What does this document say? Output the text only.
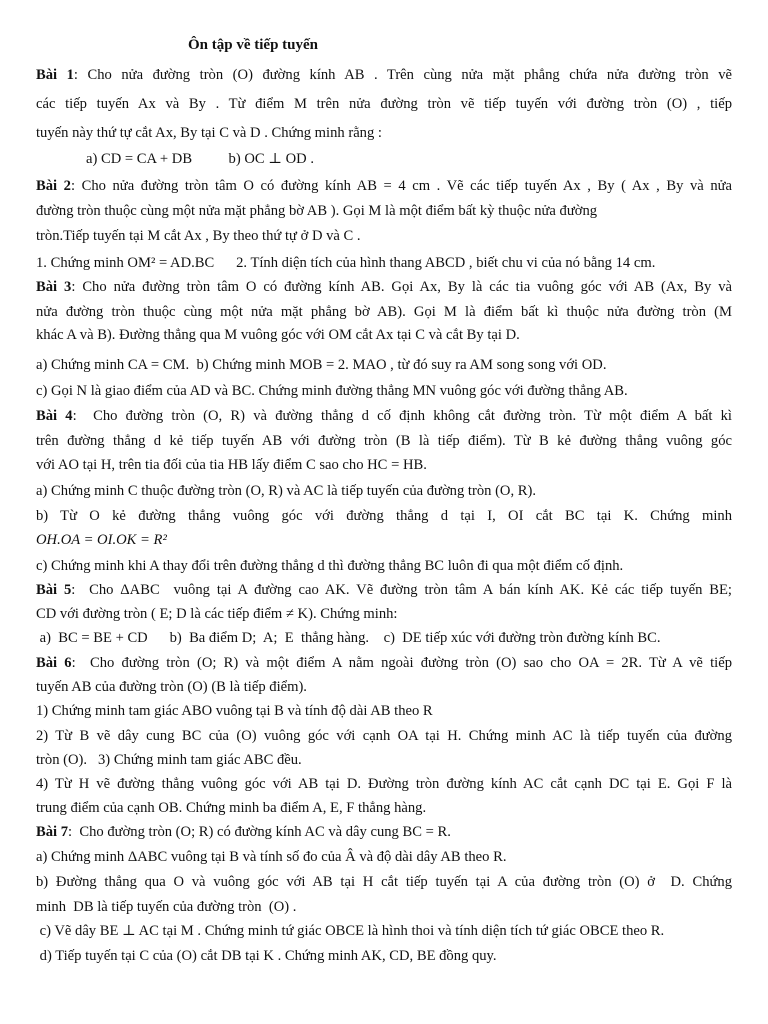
Ôn tập về tiếp tuyến
Bài 1: Cho nửa đường tròn (O) đường kính AB . Trên cùng nửa mặt phẳng chứa nửa đường tròn vẽ
các tiếp tuyến Ax và By . Từ điểm M trên nửa đường tròn vẽ tiếp tuyến với đường tròn (O) , tiếp
tuyến này thứ tự cắt Ax, By tại C và D . Chứng minh rằng :
a) CD = CA + DB          b) OC ⊥ OD .
Bài 2: Cho nửa đường tròn tâm O có đường kính AB = 4 cm . Vẽ các tiếp tuyến Ax , By ( Ax , By và nửa
đường tròn thuộc cùng một nửa mặt phẳng bờ AB ). Gọi M là một điểm bất kỳ thuộc nửa đường
tròn.Tiếp tuyến tại M cắt Ax , By theo thứ tự ở D và C .
1. Chứng minh OM² = AD.BC      2. Tính diện tích của hình thang ABCD , biết chu vi của nó bằng 14 cm.
Bài 3: Cho nửa đường tròn tâm O có đường kính AB. Gọi Ax, By là các tia vuông góc với AB (Ax, By và
nửa đường tròn thuộc cùng một nửa mặt phẳng bờ AB). Gọi M là điểm bất kì thuộc nửa đường tròn (M
khác A và B). Đường thẳng qua M vuông góc với OM cắt Ax tại C và cắt By tại D.
a) Chứng minh CA = CM.  b) Chứng minh MOB = 2. MAO , từ đó suy ra AM song song với OD.
c) Gọi N là giao điểm của AD và BC. Chứng minh đường thẳng MN vuông góc với đường thẳng AB.
Bài 4:  Cho đường tròn (O, R) và đường thẳng d cố định không cắt đường tròn. Từ một điểm A bất kì
trên đường thẳng d kẻ tiếp tuyến AB với đường tròn (B là tiếp điểm). Từ B kẻ đường thẳng vuông góc
với AO tại H, trên tia đối của tia HB lấy điểm C sao cho HC = HB.
a) Chứng minh C thuộc đường tròn (O, R) và AC là tiếp tuyến của đường tròn (O, R).
b) Từ O kẻ đường thẳng vuông góc với đường thẳng d tại I, OI cắt BC tại K. Chứng minh
OH.OA = OI.OK = R²
c) Chứng minh khi A thay đổi trên đường thẳng d thì đường thẳng BC luôn đi qua một điểm cố định.
Bài 5:  Cho ΔABC  vuông tại A đường cao AK. Vẽ đường tròn tâm A bán kính AK. Kẻ các tiếp tuyến BE;
CD với đường tròn ( E; D là các tiếp điểm ≠ K). Chứng minh:
a)  BC = BE + CD      b)  Ba điểm D;  A;  E  thẳng hàng.    c)  DE tiếp xúc với đường tròn đường kính BC.
Bài 6:  Cho đường tròn (O; R) và một điểm A nằm ngoài đường tròn (O) sao cho OA = 2R. Từ A vẽ tiếp
tuyến AB của đường tròn (O) (B là tiếp điểm).
1) Chứng minh tam giác ABO vuông tại B và tính độ dài AB theo R
2) Từ B vẽ dây cung BC của (O) vuông góc với cạnh OA tại H. Chứng minh AC là tiếp tuyến của đường
tròn (O).   3) Chứng minh tam giác ABC đều.
4) Từ H vẽ đường thẳng vuông góc với AB tại D. Đường tròn đường kính AC cắt cạnh DC tại E. Gọi F là
trung điểm của cạnh OB. Chứng minh ba điểm A, E, F thẳng hàng.
Bài 7:  Cho đường tròn (O; R) có đường kính AC và dây cung BC = R.
a) Chứng minh ΔABC vuông tại B và tính số đo của Â và độ dài dây AB theo R.
b) Đường thẳng qua O và vuông góc với AB tại H cắt tiếp tuyến tại A của đường tròn (O) ở  D. Chứng
minh  DB là tiếp tuyến của đường tròn  (O) .
c) Vẽ dây BE ⊥ AC tại M . Chứng minh tứ giác OBCE là hình thoi và tính diện tích tứ giác OBCE theo R.
d) Tiếp tuyến tại C của (O) cắt DB tại K . Chứng minh AK, CD, BE đồng quy.
